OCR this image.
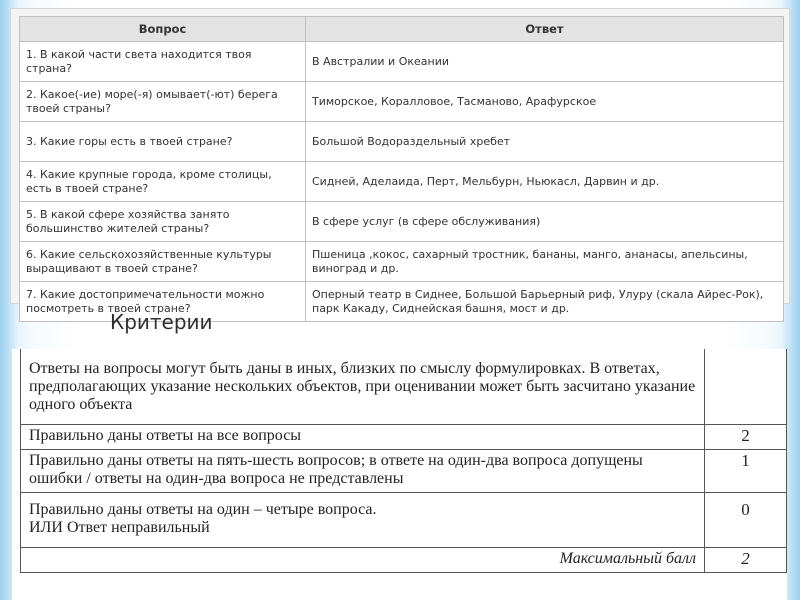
Вопрос	Ответ
1. В какой части света находится твоя страна?	В Австралии и Океании
2. Какое(-ие) море(-я) омывает(-ют) берега твоей страны?	Тиморское, Коралловое, Тасманово, Арафурское
3. Какие горы есть в твоей стране?	Большой Водораздельный хребет
4. Какие крупные города, кроме столицы, есть в твоей стране?	Сидней, Аделаида, Перт, Мельбурн, Ньюкасл, Дарвин и др.
5. В какой сфере хозяйства занято большинство жителей страны?	В сфере услуг (в сфере обслуживания)
6. Какие сельскохозяйственные культуры выращивают в твоей стране?	Пшеница ,кокос, сахарный тростник, бананы, манго, ананасы, апельсины, виноград и др.
7. Какие достопримечательности можно посмотреть в твоей стране?	Оперный театр в Сиднее, Большой Барьерный риф, Улуру (скала Айрес-Рок), парк Какаду, Сиднейская башня, мост и др.
Критерии
Ответы на вопросы могут быть даны в иных, близких по смыслу формулировках. В ответах, предполагающих указание нескольких объектов, при оценивании может быть засчитано указание одного объекта	
Правильно даны ответы на все вопросы	2
Правильно даны ответы на пять-шесть вопросов; в ответе на один-два вопроса допущены ошибки / ответы на один-два вопроса не представлены	1

Правильно даны ответы на один – четыре вопроса.
ИЛИ Ответ неправильный	0
Максимальный балл	2
